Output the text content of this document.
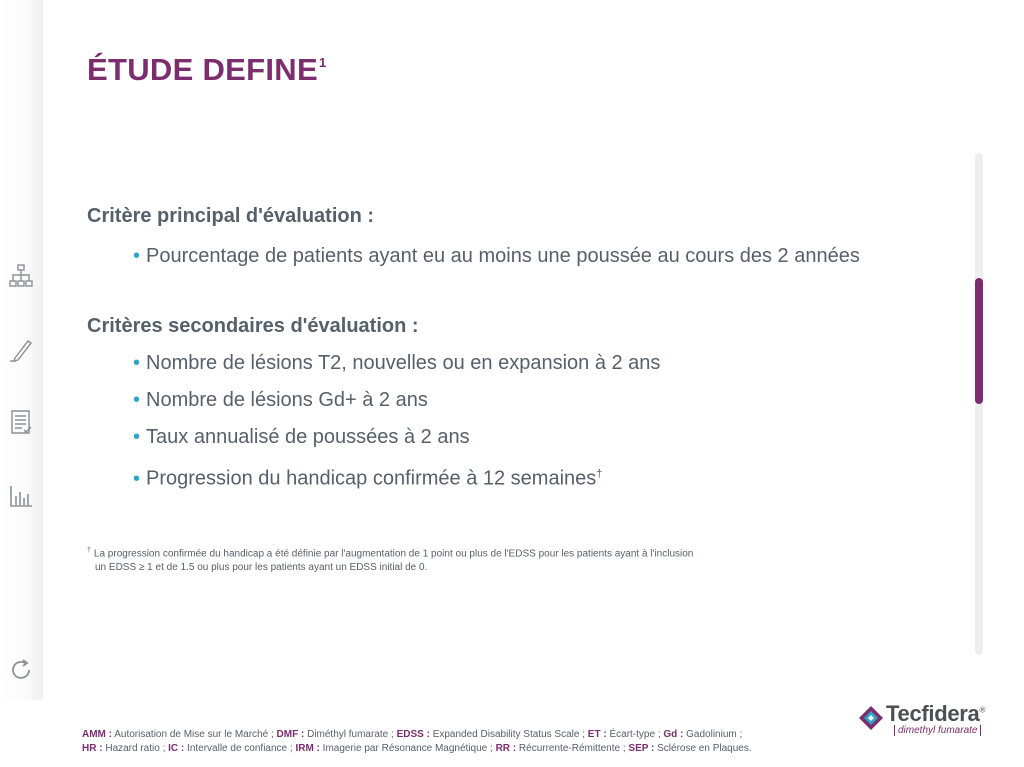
ÉTUDE DEFINE$^1$

Critère principal d'évaluation :

• Pourcentage de patients ayant eu au moins une poussée au cours des 2 années

Critères secondaires d'évaluation :

• Nombre de lésions T2, nouvelles ou en expansion à 2 ans
• Nombre de lésions Gd+ à 2 ans
• Taux annualisé de poussées à 2 ans
• Progression du handicap confirmée à 12 semaines†
† La progression confirmée du handicap a été définie par l'augmentation de 1 point ou plus de l'EDSS pour les patients ayant à l'inclusion
un EDSS ≥ 1 et de 1.5 ou plus pour les patients ayant un EDSS initial de 0.
AMM : Autorisation de Mise sur le Marché ; DMF : Diméthyl fumarate ; EDSS : Expanded Disability Status Scale ; ET : Écart-type ; Gd : Gadolinium ;
HR : Hazard ratio ; IC : Intervalle de confiance ; IRM : Imagerie par Résonance Magnétique ; RR : Récurrente-Rémittente ; SEP : Sclérose en Plaques.
Tecfidera®
dimethyl fumarate
